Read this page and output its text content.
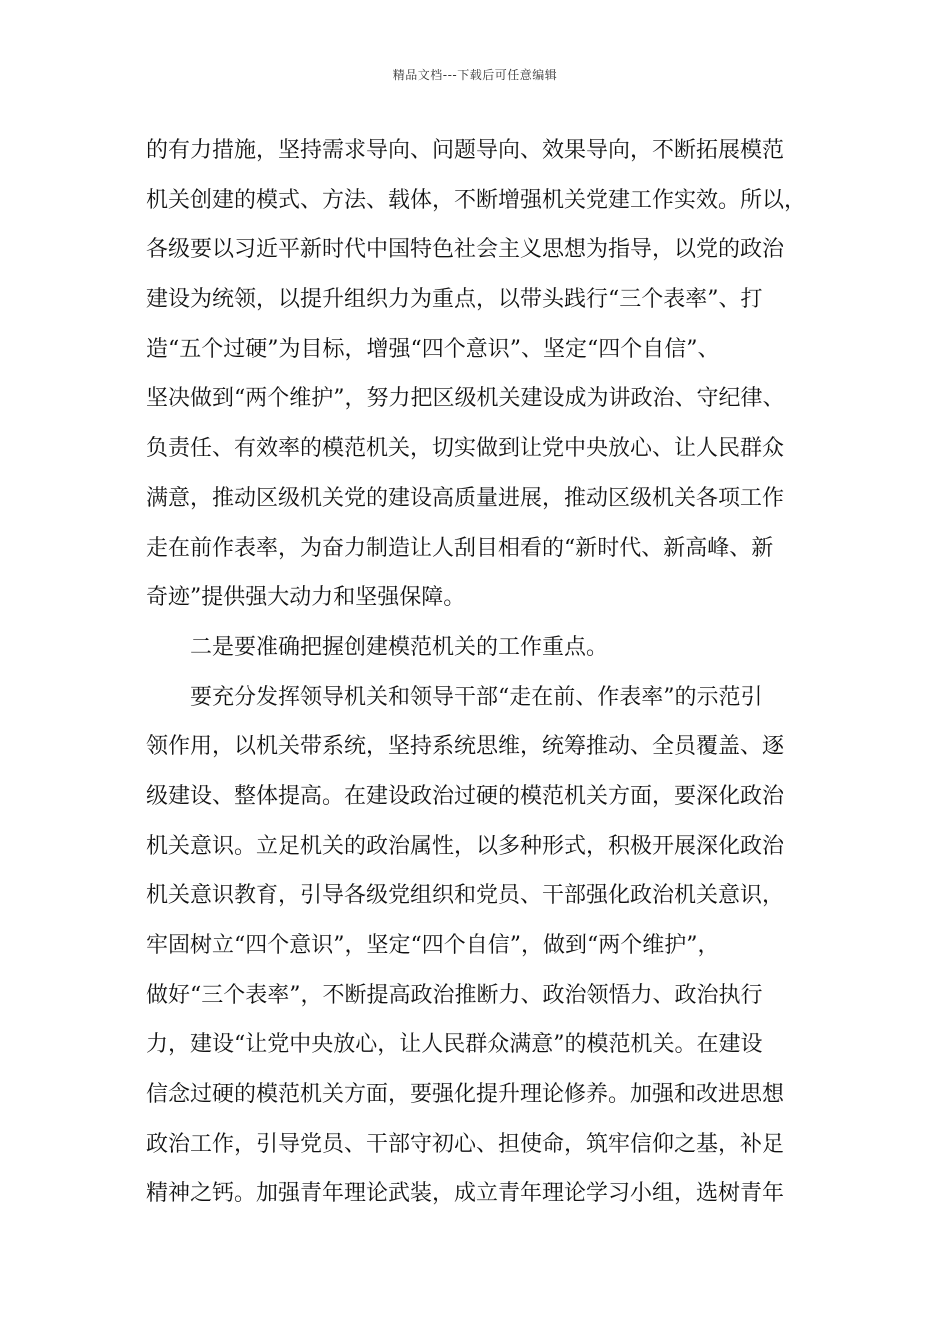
精品文档---下载后可任意编辑
的有力措施，坚持需求导向、问题导向、效果导向，不断拓展模范
机关创建的模式、方法、载体，不断增强机关党建工作实效。所以，
各级要以习近平新时代中国特色社会主义思想为指导，以党的政治
建设为统领，以提升组织力为重点，以带头践行“三个表率”、打
造“五个过硬”为目标，增强“四个意识”、坚定“四个自信”、
坚决做到“两个维护”，努力把区级机关建设成为讲政治、守纪律、
负责任、有效率的模范机关，切实做到让党中央放心、让人民群众
满意，推动区级机关党的建设高质量进展，推动区级机关各项工作
走在前作表率，为奋力制造让人刮目相看的“新时代、新高峰、新
奇迹”提供强大动力和坚强保障。
二是要准确把握创建模范机关的工作重点。
要充分发挥领导机关和领导干部“走在前、作表率”的示范引
领作用，以机关带系统，坚持系统思维，统筹推动、全员覆盖、逐
级建设、整体提高。在建设政治过硬的模范机关方面，要深化政治
机关意识。立足机关的政治属性，以多种形式，积极开展深化政治
机关意识教育，引导各级党组织和党员、干部强化政治机关意识，
牢固树立“四个意识”，坚定“四个自信”，做到“两个维护”，
做好“三个表率”，不断提高政治推断力、政治领悟力、政治执行
力，建设“让党中央放心，让人民群众满意”的模范机关。在建设
信念过硬的模范机关方面，要强化提升理论修养。加强和改进思想
政治工作，引导党员、干部守初心、担使命，筑牢信仰之基，补足
精神之钙。加强青年理论武装，成立青年理论学习小组，选树青年
